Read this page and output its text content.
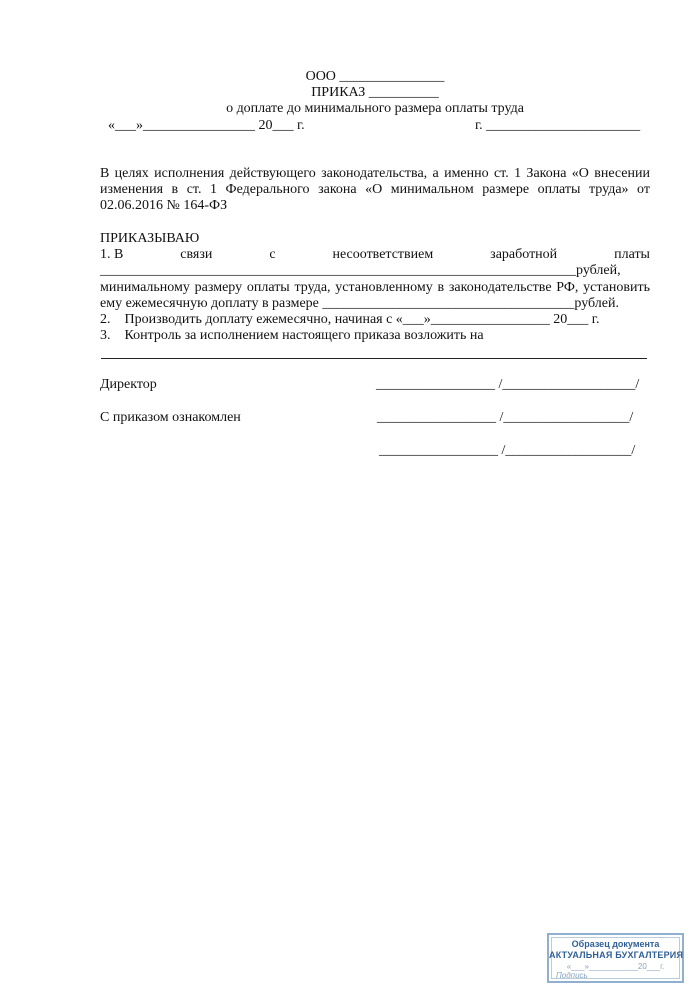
ООО _______________
ПРИКАЗ __________
о доплате до минимального размера оплаты труда
«___»________________ 20___ г.	г. ______________________
В целях исполнения действующего законодательства, а именно ст. 1 Закона «О внесении
изменения в ст. 1 Федерального закона «О минимальном размере оплаты труда» от
02.06.2016 № 164-ФЗ
ПРИКАЗЫВАЮ
1. В	связи	с	несоответствием	заработной	платы
____________________________________________________________________рублей,
минимальному размеру оплаты труда, установленному в законодательстве РФ, установить
ему ежемесячную доплату в размере ____________________________________рублей.
2.    Производить доплату ежемесячно, начиная с «___»_________________ 20___ г.
3.    Контроль за исполнением настоящего приказа возложить на
Директор	_________________ /___________________/
С приказом ознакомлен	_________________ /__________________/
_________________ /__________________/
Образец документа
АКТУАЛЬНАЯ БУХГАЛТЕРИЯ
«___»___________20___г.
Подпись
